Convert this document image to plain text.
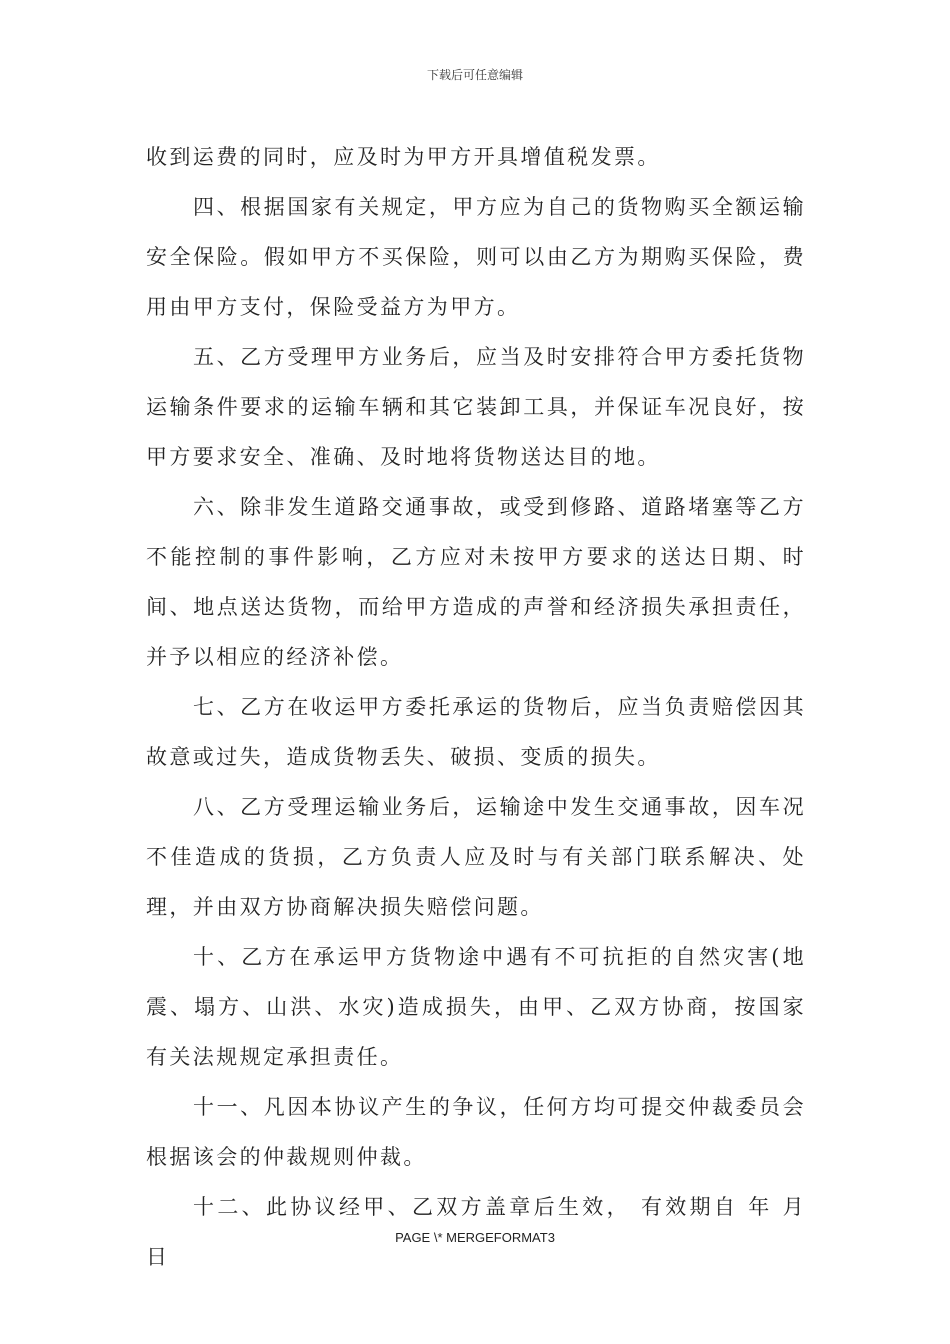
下载后可任意编辑

收到运费的同时，应及时为甲方开具增值税发票。

四、根据国家有关规定，甲方应为自己的货物购买全额运输安全保险。假如甲方不买保险，则可以由乙方为期购买保险，费用由甲方支付，保险受益方为甲方。

五、乙方受理甲方业务后，应当及时安排符合甲方委托货物运输条件要求的运输车辆和其它装卸工具，并保证车况良好，按甲方要求安全、准确、及时地将货物送达目的地。

六、除非发生道路交通事故，或受到修路、道路堵塞等乙方不能控制的事件影响，乙方应对未按甲方要求的送达日期、时间、地点送达货物，而给甲方造成的声誉和经济损失承担责任，并予以相应的经济补偿。

七、乙方在收运甲方委托承运的货物后，应当负责赔偿因其故意或过失，造成货物丢失、破损、变质的损失。

八、乙方受理运输业务后，运输途中发生交通事故，因车况不佳造成的货损，乙方负责人应及时与有关部门联系解决、处理，并由双方协商解决损失赔偿问题。

十、乙方在承运甲方货物途中遇有不可抗拒的自然灾害(地震、塌方、山洪、水灾)造成损失，由甲、乙双方协商，按国家有关法规规定承担责任。

十一、凡因本协议产生的争议，任何方均可提交仲裁委员会根据该会的仲裁规则仲裁。

十二、此协议经甲、乙双方盖章后生效， 有效期自 年 月 日

PAGE \* MERGEFORMAT3
